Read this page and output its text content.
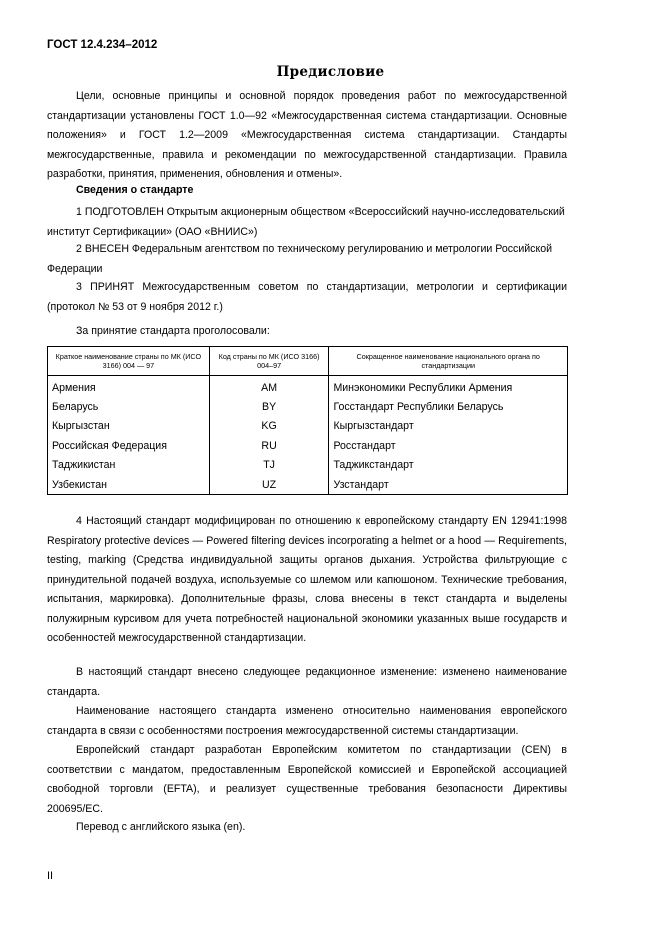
ГОСТ 12.4.234–2012
Предисловие
Цели, основные принципы и основной порядок проведения работ по межгосударственной стандартизации установлены ГОСТ 1.0—92 «Межгосударственная система стандартизации. Основные положения» и ГОСТ 1.2—2009 «Межгосударственная система стандартизации. Стандарты межгосударственные, правила и рекомендации по межгосударственной стандартизации. Правила разработки, принятия, применения, обновления и отмены».
Сведения о стандарте
1 ПОДГОТОВЛЕН Открытым акционерным обществом «Всероссийский научно-исследовательский институт Сертификации» (ОАО «ВНИИС»)
2 ВНЕСЕН Федеральным агентством по техническому регулированию и метрологии Российской Федерации
3 ПРИНЯТ Межгосударственным советом по стандартизации, метрологии и сертификации (протокол № 53 от 9 ноября 2012 г.)
За принятие стандарта проголосовали:
Краткое наименование страны по МК (ИСО 3166) 004 — 97	Код страны по МК (ИСО 3166) 004–97	Сокращенное наименование национального органа по стандартизации
Армения	AM	Минэкономики Республики Армения
Беларусь	BY	Госстандарт Республики Беларусь
Кыргызстан	KG	Кыргызстандарт
Российская Федерация	RU	Росстандарт
Таджикистан	TJ	Таджикстандарт
Узбекистан	UZ	Узстандарт
4 Настоящий стандарт модифицирован по отношению к европейскому стандарту EN 12941:1998 Respiratory protective devices — Powered filtering devices incorporating a helmet or a hood — Requirements, testing, marking (Средства индивидуальной защиты органов дыхания. Устройства фильтрующие с принудительной подачей воздуха, используемые со шлемом или капюшоном. Технические требования, испытания, маркировка). Дополнительные фразы, слова внесены в текст стандарта и выделены полужирным курсивом для учета потребностей национальной экономики указанных выше государств и особенностей межгосударственной стандартизации.
В настоящий стандарт внесено следующее редакционное изменение: изменено наименование стандарта.
Наименование настоящего стандарта изменено относительно наименования европейского стандарта в связи с особенностями построения межгосударственной системы стандартизации.
Европейский стандарт разработан Европейским комитетом по стандартизации (CEN) в соответствии с мандатом, предоставленным Европейской комиссией и Европейской ассоциацией свободной торговли (EFTA), и реализует существенные требования безопасности Директивы 200695/EC.
Перевод с английского языка (en).
II
